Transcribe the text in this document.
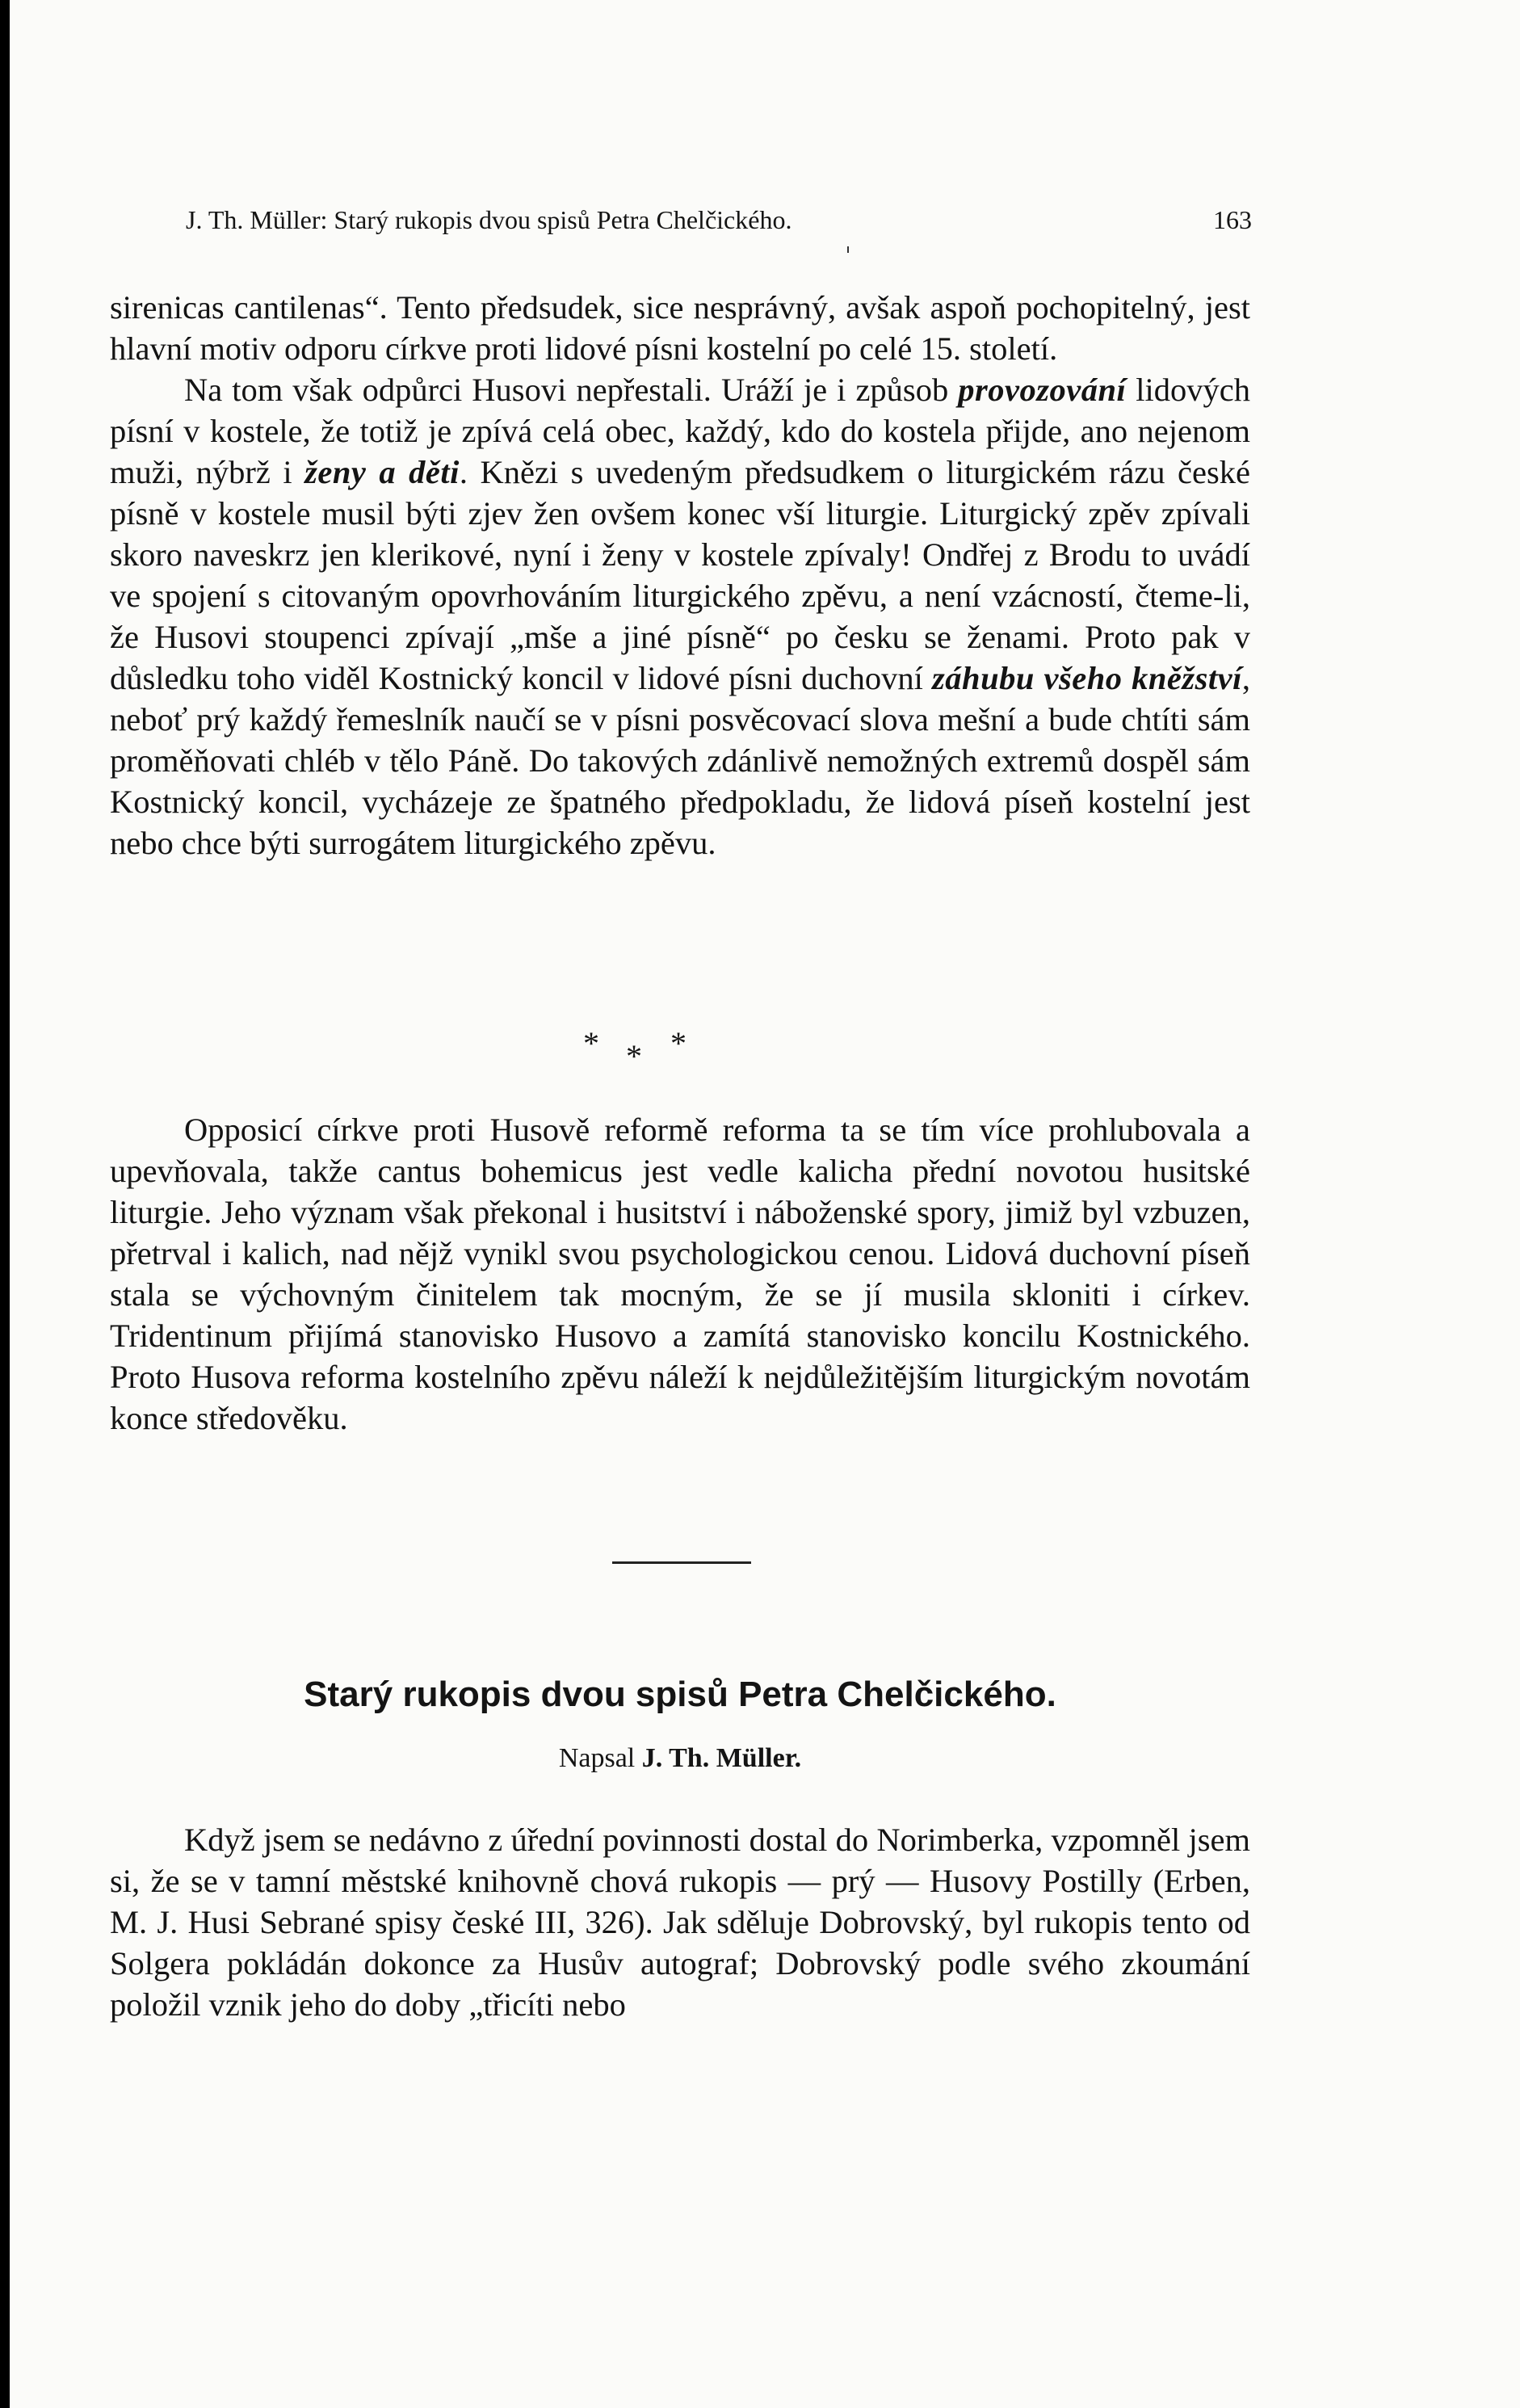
J. Th. Müller: Starý rukopis dvou spisů Petra Chelčického.	163
sirenicas cantilenas“. Tento předsudek, sice nesprávný, avšak aspoň pochopitelný, jest hlavní motiv odporu církve proti lidové písni kostelní po celé 15. století.
Na tom však odpůrci Husovi nepřestali. Uráží je i způsob provozování lidových písní v kostele, že totiž je zpívá celá obec, každý, kdo do kostela přijde, ano nejenom muži, nýbrž i ženy a děti. Knězi s uvedeným předsudkem o liturgickém rázu české písně v kostele musil býti zjev žen ovšem konec vší liturgie. Liturgický zpěv zpívali skoro naveskrz jen klerikové, nyní i ženy v kostele zpívaly! Ondřej z Brodu to uvádí ve spojení s citovaným opovrhováním liturgického zpěvu, a není vzácností, čteme-li, že Husovi stoupenci zpívají „mše a jiné písně“ po česku se ženami. Proto pak v důsledku toho viděl Kostnický koncil v lidové písni duchovní záhubu všeho kněžství, neboť prý každý řemeslník naučí se v písni posvěcovací slova mešní a bude chtíti sám proměňovati chléb v tělo Páně. Do takových zdánlivě nemožných extremů dospěl sám Kostnický koncil, vycházeje ze špatného předpokladu, že lidová píseň kostelní jest nebo chce býti surrogátem liturgického zpěvu.
* * *
Opposicí církve proti Husově reformě reforma ta se tím více prohlubovala a upevňovala, takže cantus bohemicus jest vedle kalicha přední novotou husitské liturgie. Jeho význam však překonal i husitství i náboženské spory, jimiž byl vzbuzen, přetrval i kalich, nad nějž vynikl svou psychologickou cenou. Lidová duchovní píseň stala se výchovným činitelem tak mocným, že se jí musila skloniti i církev. Tridentinum přijímá stanovisko Husovo a zamítá stanovisko koncilu Kostnického. Proto Husova reforma kostelního zpěvu náleží k nejdůležitějším liturgickým novotám konce středověku.
Starý rukopis dvou spisů Petra Chelčického.
Napsal J. Th. Müller.
Když jsem se nedávno z úřední povinnosti dostal do Norimberka, vzpomněl jsem si, že se v tamní městské knihovně chová rukopis — prý — Husovy Postilly (Erben, M. J. Husi Sebrané spisy české III, 326). Jak sděluje Dobrovský, byl rukopis tento od Solgera pokládán dokonce za Husův autograf; Dobrovský podle svého zkoumání položil vznik jeho do doby „třicíti nebo
